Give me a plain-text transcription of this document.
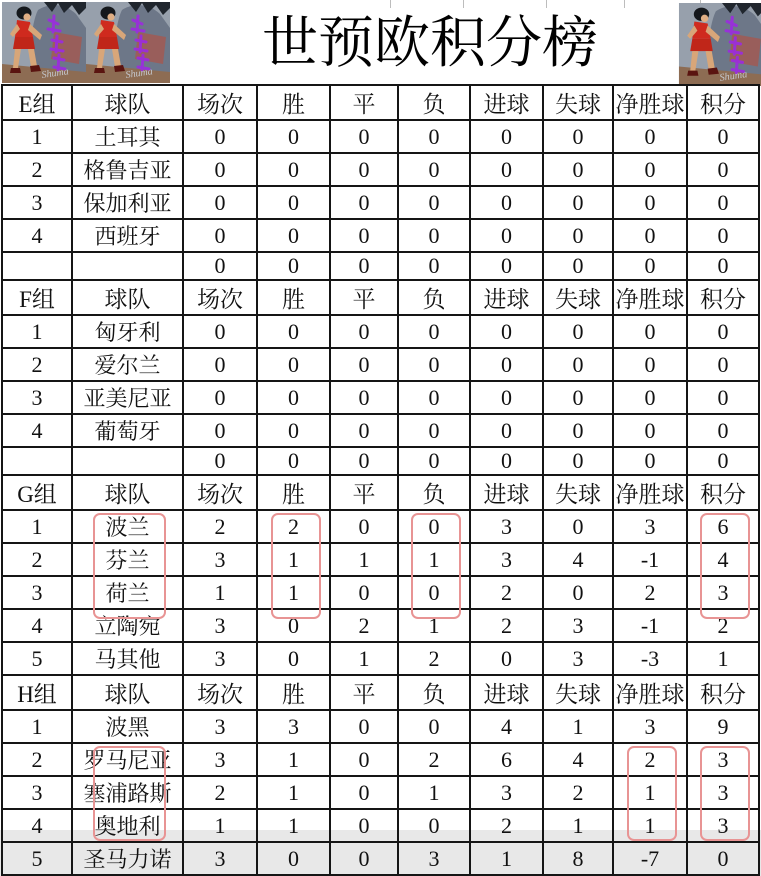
世预欧积分榜
Shuma	Shuma	Shuma
E组	球队	场次	胜	平	负	进球	失球	净胜球	积分
1	土耳其	0	0	0	0	0	0	0	0
2	格鲁吉亚	0	0	0	0	0	0	0	0
3	保加利亚	0	0	0	0	0	0	0	0
4	西班牙	0	0	0	0	0	0	0	0
		0	0	0	0	0	0	0	0
F组	球队	场次	胜	平	负	进球	失球	净胜球	积分
1	匈牙利	0	0	0	0	0	0	0	0
2	爱尔兰	0	0	0	0	0	0	0	0
3	亚美尼亚	0	0	0	0	0	0	0	0
4	葡萄牙	0	0	0	0	0	0	0	0
		0	0	0	0	0	0	0	0
G组	球队	场次	胜	平	负	进球	失球	净胜球	积分
1	波兰	2	2	0	0	3	0	3	6
2	芬兰	3	1	1	1	3	4	-1	4
3	荷兰	1	1	0	0	2	0	2	3
4	立陶宛	3	0	2	1	2	3	-1	2
5	马其他	3	0	1	2	0	3	-3	1
H组	球队	场次	胜	平	负	进球	失球	净胜球	积分
1	波黑	3	3	0	0	4	1	3	9
2	罗马尼亚	3	1	0	2	6	4	2	3
3	塞浦路斯	2	1	0	1	3	2	1	3
4	奥地利	1	1	0	0	2	1	1	3
5	圣马力诺	3	0	0	3	1	8	-7	0
